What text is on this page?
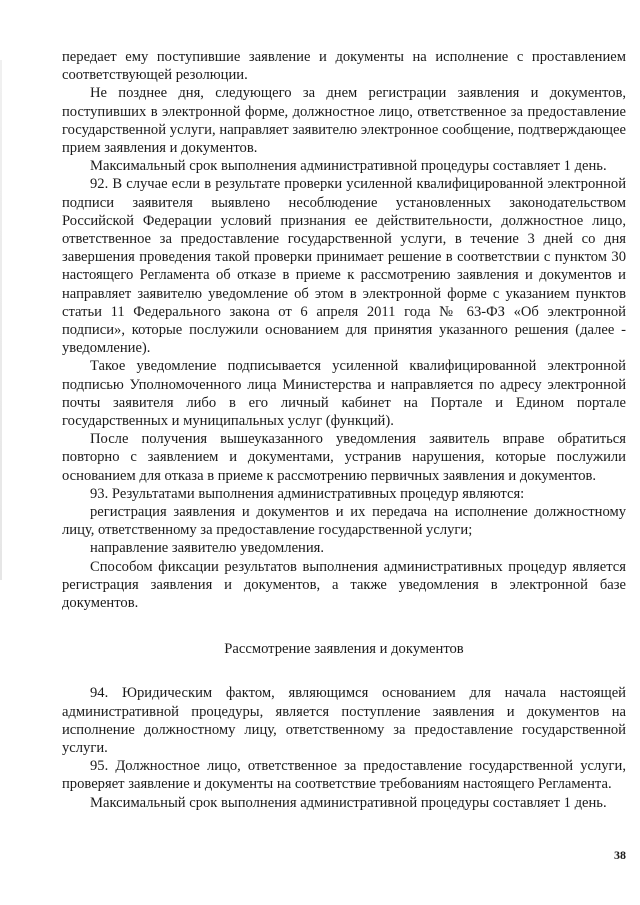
передает ему поступившие заявление и документы на исполнение с проставлением соответствующей резолюции.

Не позднее дня, следующего за днем регистрации заявления и документов, поступивших в электронной форме, должностное лицо, ответственное за предоставление государственной услуги, направляет заявителю электронное сообщение, подтверждающее прием заявления и документов.

Максимальный срок выполнения административной процедуры составляет 1 день.

92. В случае если в результате проверки усиленной квалифицированной электронной подписи заявителя выявлено несоблюдение установленных законодательством Российской Федерации условий признания ее действительности, должностное лицо, ответственное за предоставление государственной услуги, в течение 3 дней со дня завершения проведения такой проверки принимает решение в соответствии с пунктом 30 настоящего Регламента об отказе в приеме к рассмотрению заявления и документов и направляет заявителю уведомление об этом в электронной форме с указанием пунктов статьи 11 Федерального закона от 6 апреля 2011 года № 63-ФЗ «Об электронной подписи», которые послужили основанием для принятия указанного решения (далее - уведомление).

Такое уведомление подписывается усиленной квалифицированной электронной подписью Уполномоченного лица Министерства и направляется по адресу электронной почты заявителя либо в его личный кабинет на Портале и Едином портале государственных и муниципальных услуг (функций).

После получения вышеуказанного уведомления заявитель вправе обратиться повторно с заявлением и документами, устранив нарушения, которые послужили основанием для отказа в приеме к рассмотрению первичных заявления и документов.

93. Результатами выполнения административных процедур являются:

регистрация заявления и документов и их передача на исполнение должностному лицу, ответственному за предоставление государственной услуги;

направление заявителю уведомления.

Способом фиксации результатов выполнения административных процедур является регистрация заявления и документов, а также уведомления в электронной базе документов.

Рассмотрение заявления и документов

94. Юридическим фактом, являющимся основанием для начала настоящей административной процедуры, является поступление заявления и документов на исполнение должностному лицу, ответственному за предоставление государственной услуги.

95. Должностное лицо, ответственное за предоставление государственной услуги, проверяет заявление и документы на соответствие требованиям настоящего Регламента.

Максимальный срок выполнения административной процедуры составляет 1 день.

38
